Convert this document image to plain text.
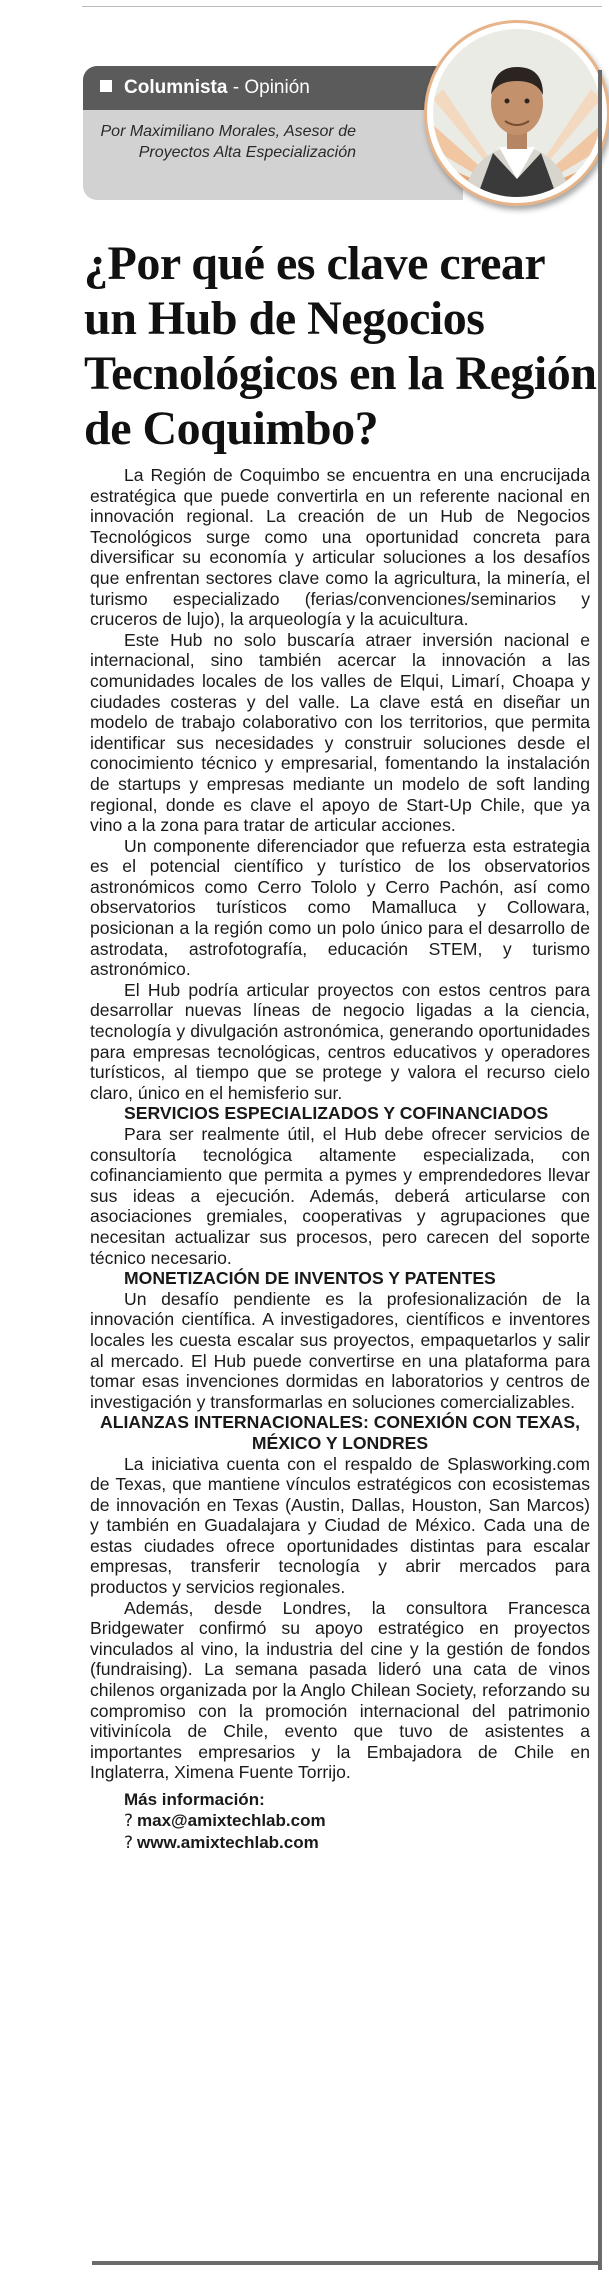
Columnista - Opinión
Por Maximiliano Morales, Asesor de
Proyectos Alta Especialización
¿Por qué es clave crear un Hub de Negocios Tecnológicos en la Región de Coquimbo?

La Región de Coquimbo se encuentra en una encrucijada estratégica que puede convertirla en un referente nacional en innovación regional. La creación de un Hub de Negocios Tecnológicos surge como una oportunidad concreta para diversificar su economía y articular soluciones a los desafíos que enfrentan sectores clave como la agricultura, la minería, el turismo especializado (ferias/convenciones/seminarios y cruceros de lujo), la arqueología y la acuicultura.

Este Hub no solo buscaría atraer inversión nacional e internacional, sino también acercar la innovación a las comunidades locales de los valles de Elqui, Limarí, Choapa y ciudades costeras y del valle. La clave está en diseñar un modelo de trabajo colaborativo con los territorios, que permita identificar sus necesidades y construir soluciones desde el conocimiento técnico y empresarial, fomentando la instalación de startups y empresas mediante un modelo de soft landing regional, donde es clave el apoyo de Start-Up Chile, que ya vino a la zona para tratar de articular acciones.

Un componente diferenciador que refuerza esta estrategia es el potencial científico y turístico de los observatorios astronómicos como Cerro Tololo y Cerro Pachón, así como observatorios turísticos como Mamalluca y Collowara, posicionan a la región como un polo único para el desarrollo de astrodata, astrofotografía, educación STEM, y turismo astronómico.

El Hub podría articular proyectos con estos centros para desarrollar nuevas líneas de negocio ligadas a la ciencia, tecnología y divulgación astronómica, generando oportunidades para empresas tecnológicas, centros educativos y operadores turísticos, al tiempo que se protege y valora el recurso cielo claro, único en el hemisferio sur.

SERVICIOS ESPECIALIZADOS Y COFINANCIADOS

Para ser realmente útil, el Hub debe ofrecer servicios de consultoría tecnológica altamente especializada, con cofinanciamiento que permita a pymes y emprendedores llevar sus ideas a ejecución. Además, deberá articularse con asociaciones gremiales, cooperativas y agrupaciones que necesitan actualizar sus procesos, pero carecen del soporte técnico necesario.

MONETIZACIÓN DE INVENTOS Y PATENTES

Un desafío pendiente es la profesionalización de la innovación científica. A investigadores, científicos e inventores locales les cuesta escalar sus proyectos, empaquetarlos y salir al mercado. El Hub puede convertirse en una plataforma para tomar esas invenciones dormidas en laboratorios y centros de investigación y transformarlas en soluciones comercializables.

ALIANZAS INTERNACIONALES: CONEXIÓN CON TEXAS, MÉXICO Y LONDRES

La iniciativa cuenta con el respaldo de Splasworking.com de Texas, que mantiene vínculos estratégicos con ecosistemas de innovación en Texas (Austin, Dallas, Houston, San Marcos) y también en Guadalajara y Ciudad de México. Cada una de estas ciudades ofrece oportunidades distintas para escalar empresas, transferir tecnología y abrir mercados para productos y servicios regionales.

Además, desde Londres, la consultora Francesca Bridgewater confirmó su apoyo estratégico en proyectos vinculados al vino, la industria del cine y la gestión de fondos (fundraising). La semana pasada lideró una cata de vinos chilenos organizada por la Anglo Chilean Society, reforzando su compromiso con la promoción internacional del patrimonio vitivinícola de Chile, evento que tuvo de asistentes a importantes empresarios y la Embajadora de Chile en Inglaterra, Ximena Fuente Torrijo.

Más información:
? max@amixtechlab.com
? www.amixtechlab.com
